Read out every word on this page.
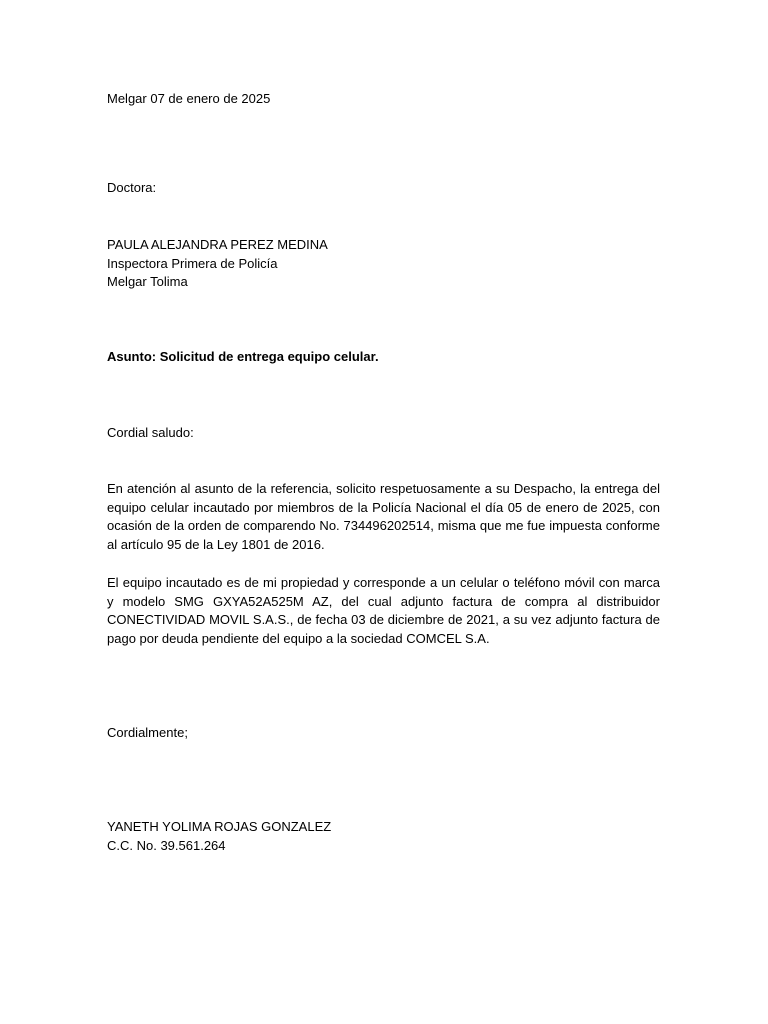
Melgar 07 de enero de 2025

Doctora:

PAULA ALEJANDRA PEREZ MEDINA
Inspectora Primera de Policía
Melgar Tolima

Asunto: Solicitud de entrega equipo celular.

Cordial saludo:

En atención al asunto de la referencia, solicito respetuosamente a su Despacho, la entrega del equipo celular incautado por miembros de la Policía Nacional el día 05 de enero de 2025, con ocasión de la orden de comparendo No. 734496202514, misma que me fue impuesta conforme al artículo 95 de la Ley 1801 de 2016.

El equipo incautado es de mi propiedad y corresponde a un celular o teléfono móvil con marca y modelo SMG GXYA52A525M AZ, del cual adjunto factura de compra al distribuidor CONECTIVIDAD MOVIL S.A.S., de fecha 03 de diciembre de 2021, a su vez adjunto factura de pago por deuda pendiente del equipo a la sociedad COMCEL S.A.

Cordialmente;

YANETH YOLIMA ROJAS GONZALEZ
C.C. No. 39.561.264
